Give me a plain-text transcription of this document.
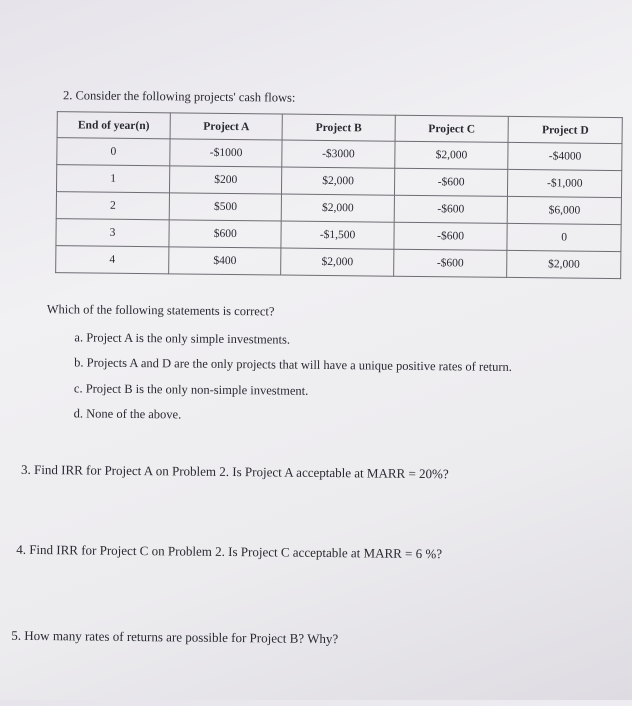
2. Consider the following projects' cash flows:
End of year(n)	Project A	Project B	Project C	Project D
0	-$1000	-$3000	$2,000	-$4000
1	$200	$2,000	-$600	-$1,000
2	$500	$2,000	-$600	$6,000
3	$600	-$1,500	-$600	0
4	$400	$2,000	-$600	$2,000
Which of the following statements is correct?
a. Project A is the only simple investments.
b. Projects A and D are the only projects that will have a unique positive rates of return.
c. Project B is the only non-simple investment.
d. None of the above.
3. Find IRR for Project A on Problem 2. Is Project A acceptable at MARR = 20%?
4. Find IRR for Project C on Problem 2. Is Project C acceptable at MARR = 6 %?
5. How many rates of returns are possible for Project B? Why?
